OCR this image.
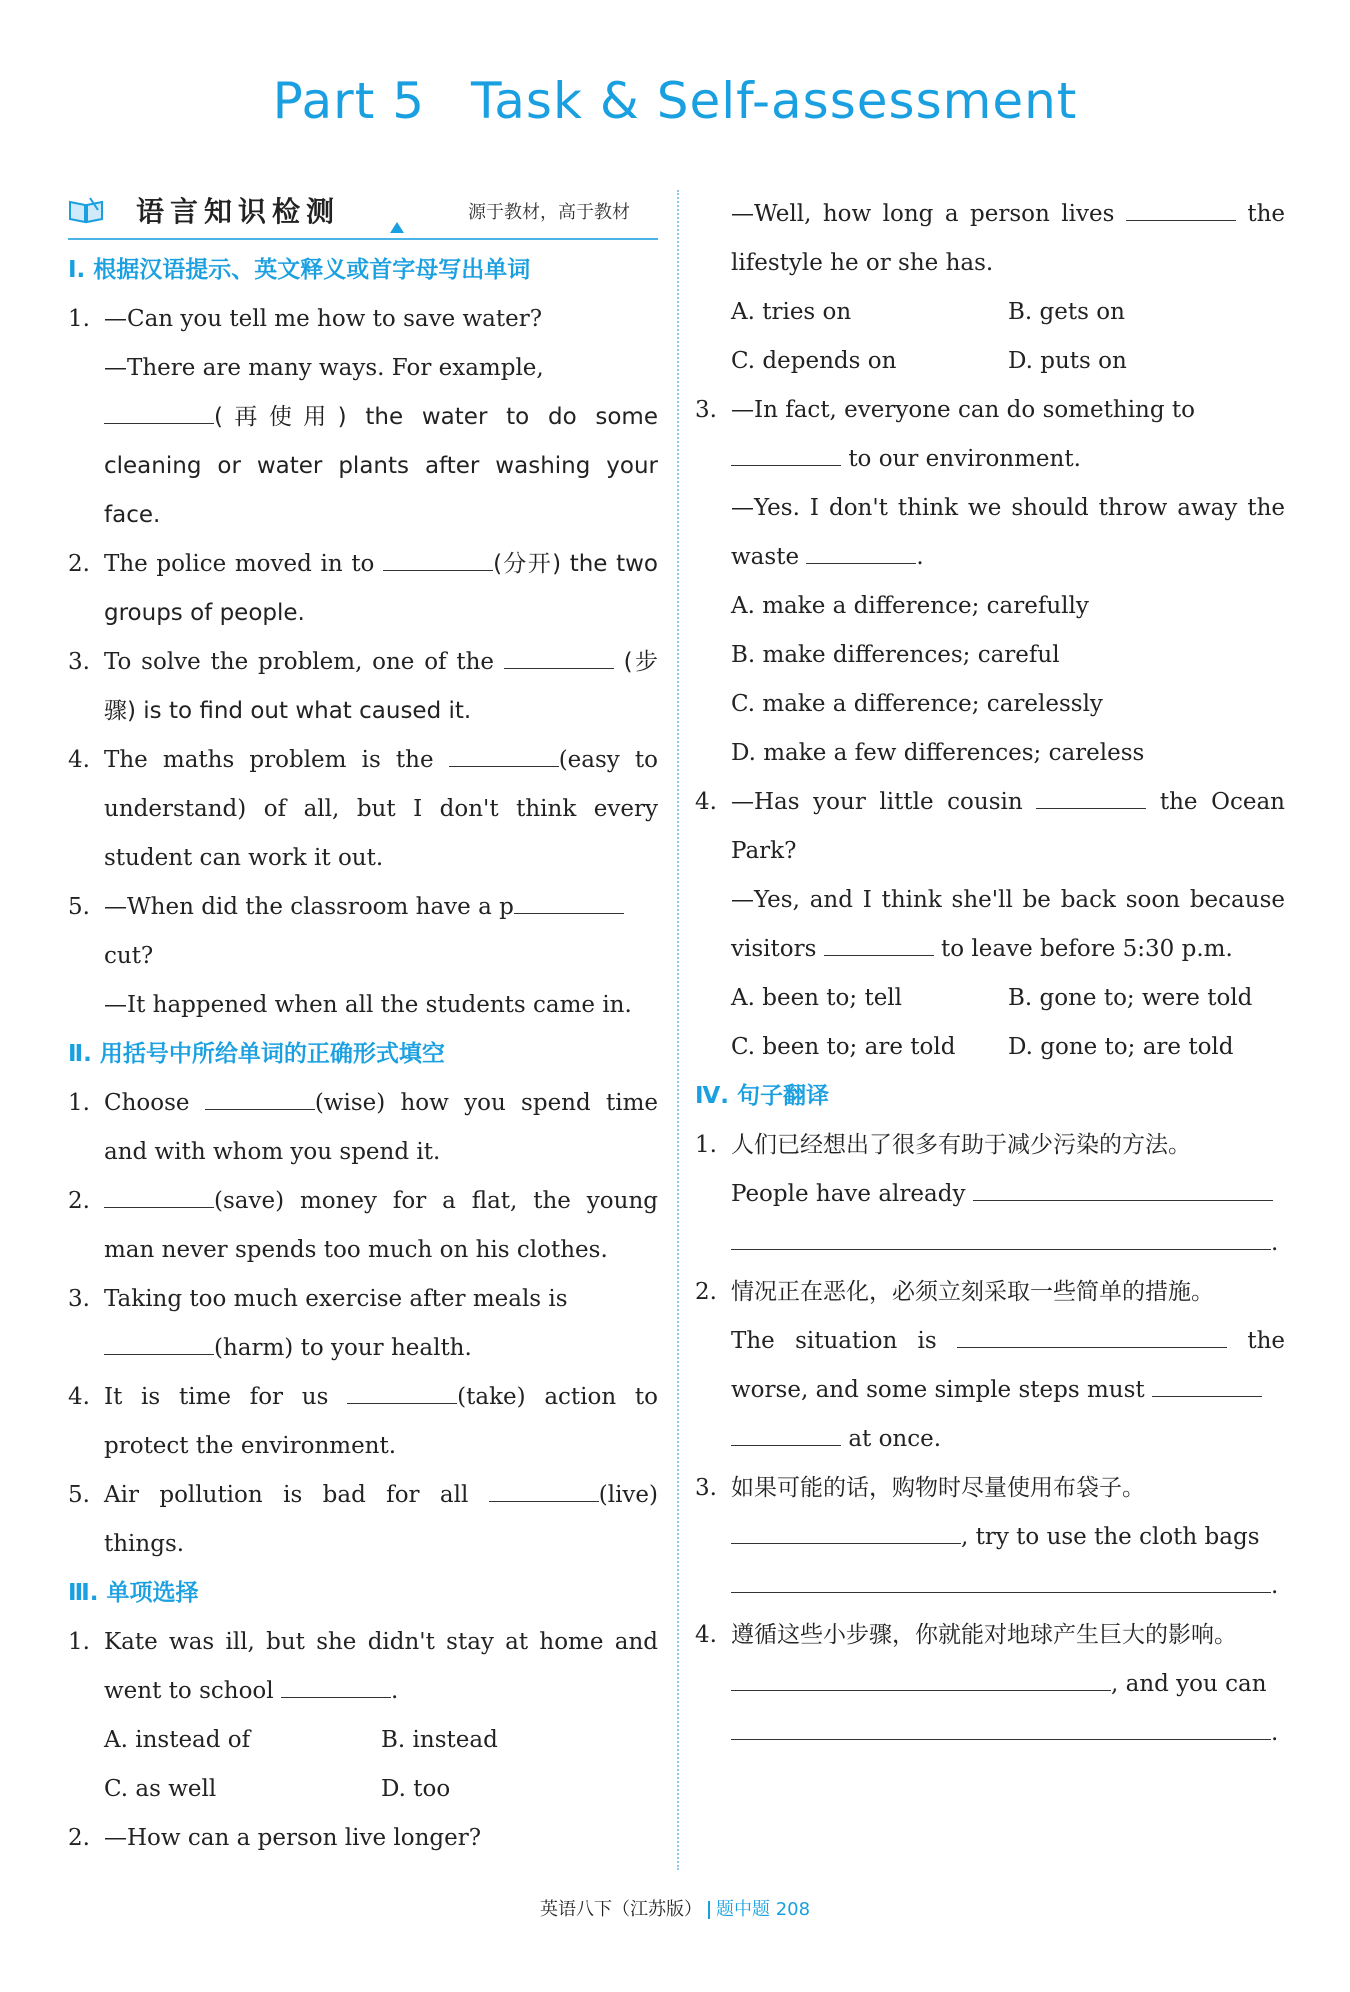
Part 5 Task & Self-assessment
语言知识检测	源于教材，高于教材
Ⅰ. 根据汉语提示、英文释义或首字母写出单词
1. —Can you tell me how to save water?
—There are many ways. For example,
(再使用) the water to do some cleaning or water plants after washing your face.
2. The police moved in to	(分开) the two groups of people.
3. To solve the problem, one of the	(步骤) is to find out what caused it.
4. The maths problem is the	(easy to understand) of all, but I don't think every student can work it out.
5. —When did the classroom have a p
cut?
—It happened when all the students came in.
Ⅱ. 用括号中所给单词的正确形式填空
1. Choose	(wise) how you spend time and with whom you spend it.
2.	(save) money for a flat, the young man never spends too much on his clothes.
3. Taking too much exercise after meals is
(harm) to your health.
4. It is time for us	(take) action to protect the environment.
5. Air pollution is bad for all	(live) things.
Ⅲ. 单项选择
1. Kate was ill, but she didn't stay at home and went to school	.
A. instead of	B. instead
C. as well	D. too
2. —How can a person live longer?
—Well, how long a person lives	the lifestyle he or she has.
A. tries on	B. gets on
C. depends on	D. puts on
3. —In fact, everyone can do something to
to our environment.
—Yes. I don't think we should throw away the waste	.
A. make a difference; carefully
B. make differences; careful
C. make a difference; carelessly
D. make a few differences; careless
4. —Has your little cousin	the Ocean Park?
—Yes, and I think she'll be back soon because visitors	to leave before 5:30 p.m.
A. been to; tell	B. gone to; were told
C. been to; are told	D. gone to; are told
Ⅳ. 句子翻译
1. 人们已经想出了很多有助于减少污染的方法。
People have already
.
2. 情况正在恶化，必须立刻采取一些简单的措施。
The situation is	the worse, and some simple steps must
at once.
3. 如果可能的话，购物时尽量使用布袋子。
, try to use the cloth bags
.
4. 遵循这些小步骤，你就能对地球产生巨大的影响。
, and you can
.
英语八下（江苏版） 题中题 208
